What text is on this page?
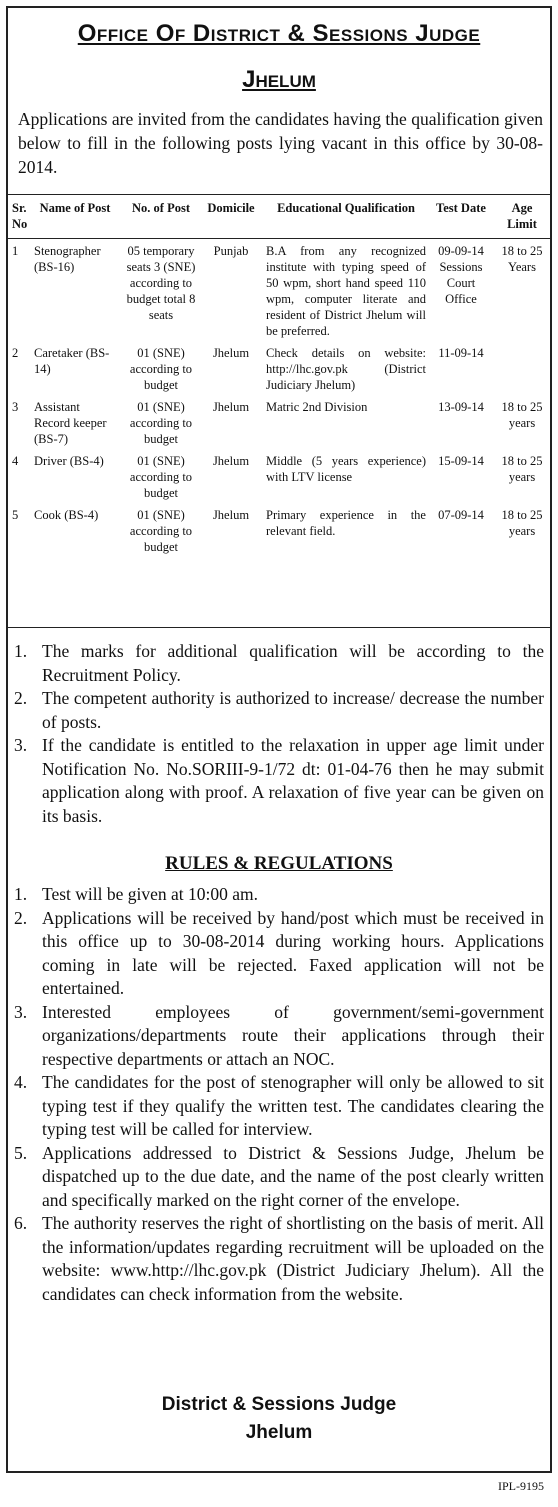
Office Of District & Sessions Judge
Jhelum
Applications are invited from the candidates having the qualification given below to fill in the following posts lying vacant in this office by 30-08-2014.
Sr. No	Name of Post	No. of Post	Domicile	Educational Qualification	Test Date	Age Limit
1	Stenographer (BS-16)	05 temporary seats 3 (SNE) according to budget total 8 seats	Punjab	B.A from any recognized institute with typing speed of 50 wpm, short hand speed 110 wpm, computer literate and resident of District Jhelum will be preferred.	09-09-14 Sessions Court Office	18 to 25 Years
2	Caretaker (BS-14)	01 (SNE) according to budget	Jhelum	Check details on website: http://lhc.gov.pk (District Judiciary Jhelum)	11-09-14	
3	Assistant Record keeper (BS-7)	01 (SNE) according to budget	Jhelum	Matric 2nd Division	13-09-14	18 to 25 years
4	Driver (BS-4)	01 (SNE) according to budget	Jhelum	Middle (5 years experience) with LTV license	15-09-14	18 to 25 years
5	Cook (BS-4)	01 (SNE) according to budget	Jhelum	Primary experience in the relevant field.	07-09-14	18 to 25 years
1. The marks for additional qualification will be according to the Recruitment Policy.
2. The competent authority is authorized to increase/ decrease the number of posts.
3. If the candidate is entitled to the relaxation in upper age limit under Notification No. No.SORIII-9-1/72 dt: 01-04-76 then he may submit application along with proof. A relaxation of five year can be given on its basis.
RULES & REGULATIONS
1. Test will be given at 10:00 am.
2. Applications will be received by hand/post which must be received in this office up to 30-08-2014 during working hours. Applications coming in late will be rejected. Faxed application will not be entertained.
3. Interested employees of government/semi-government organizations/departments route their applications through their respective departments or attach an NOC.
4. The candidates for the post of stenographer will only be allowed to sit typing test if they qualify the written test. The candidates clearing the typing test will be called for interview.
5. Applications addressed to District & Sessions Judge, Jhelum be dispatched up to the due date, and the name of the post clearly written and specifically marked on the right corner of the envelope.
6. The authority reserves the right of shortlisting on the basis of merit. All the information/updates regarding recruitment will be uploaded on the website: www.http://lhc.gov.pk (District Judiciary Jhelum). All the candidates can check information from the website.
District & Sessions Judge
Jhelum
IPL-9195
